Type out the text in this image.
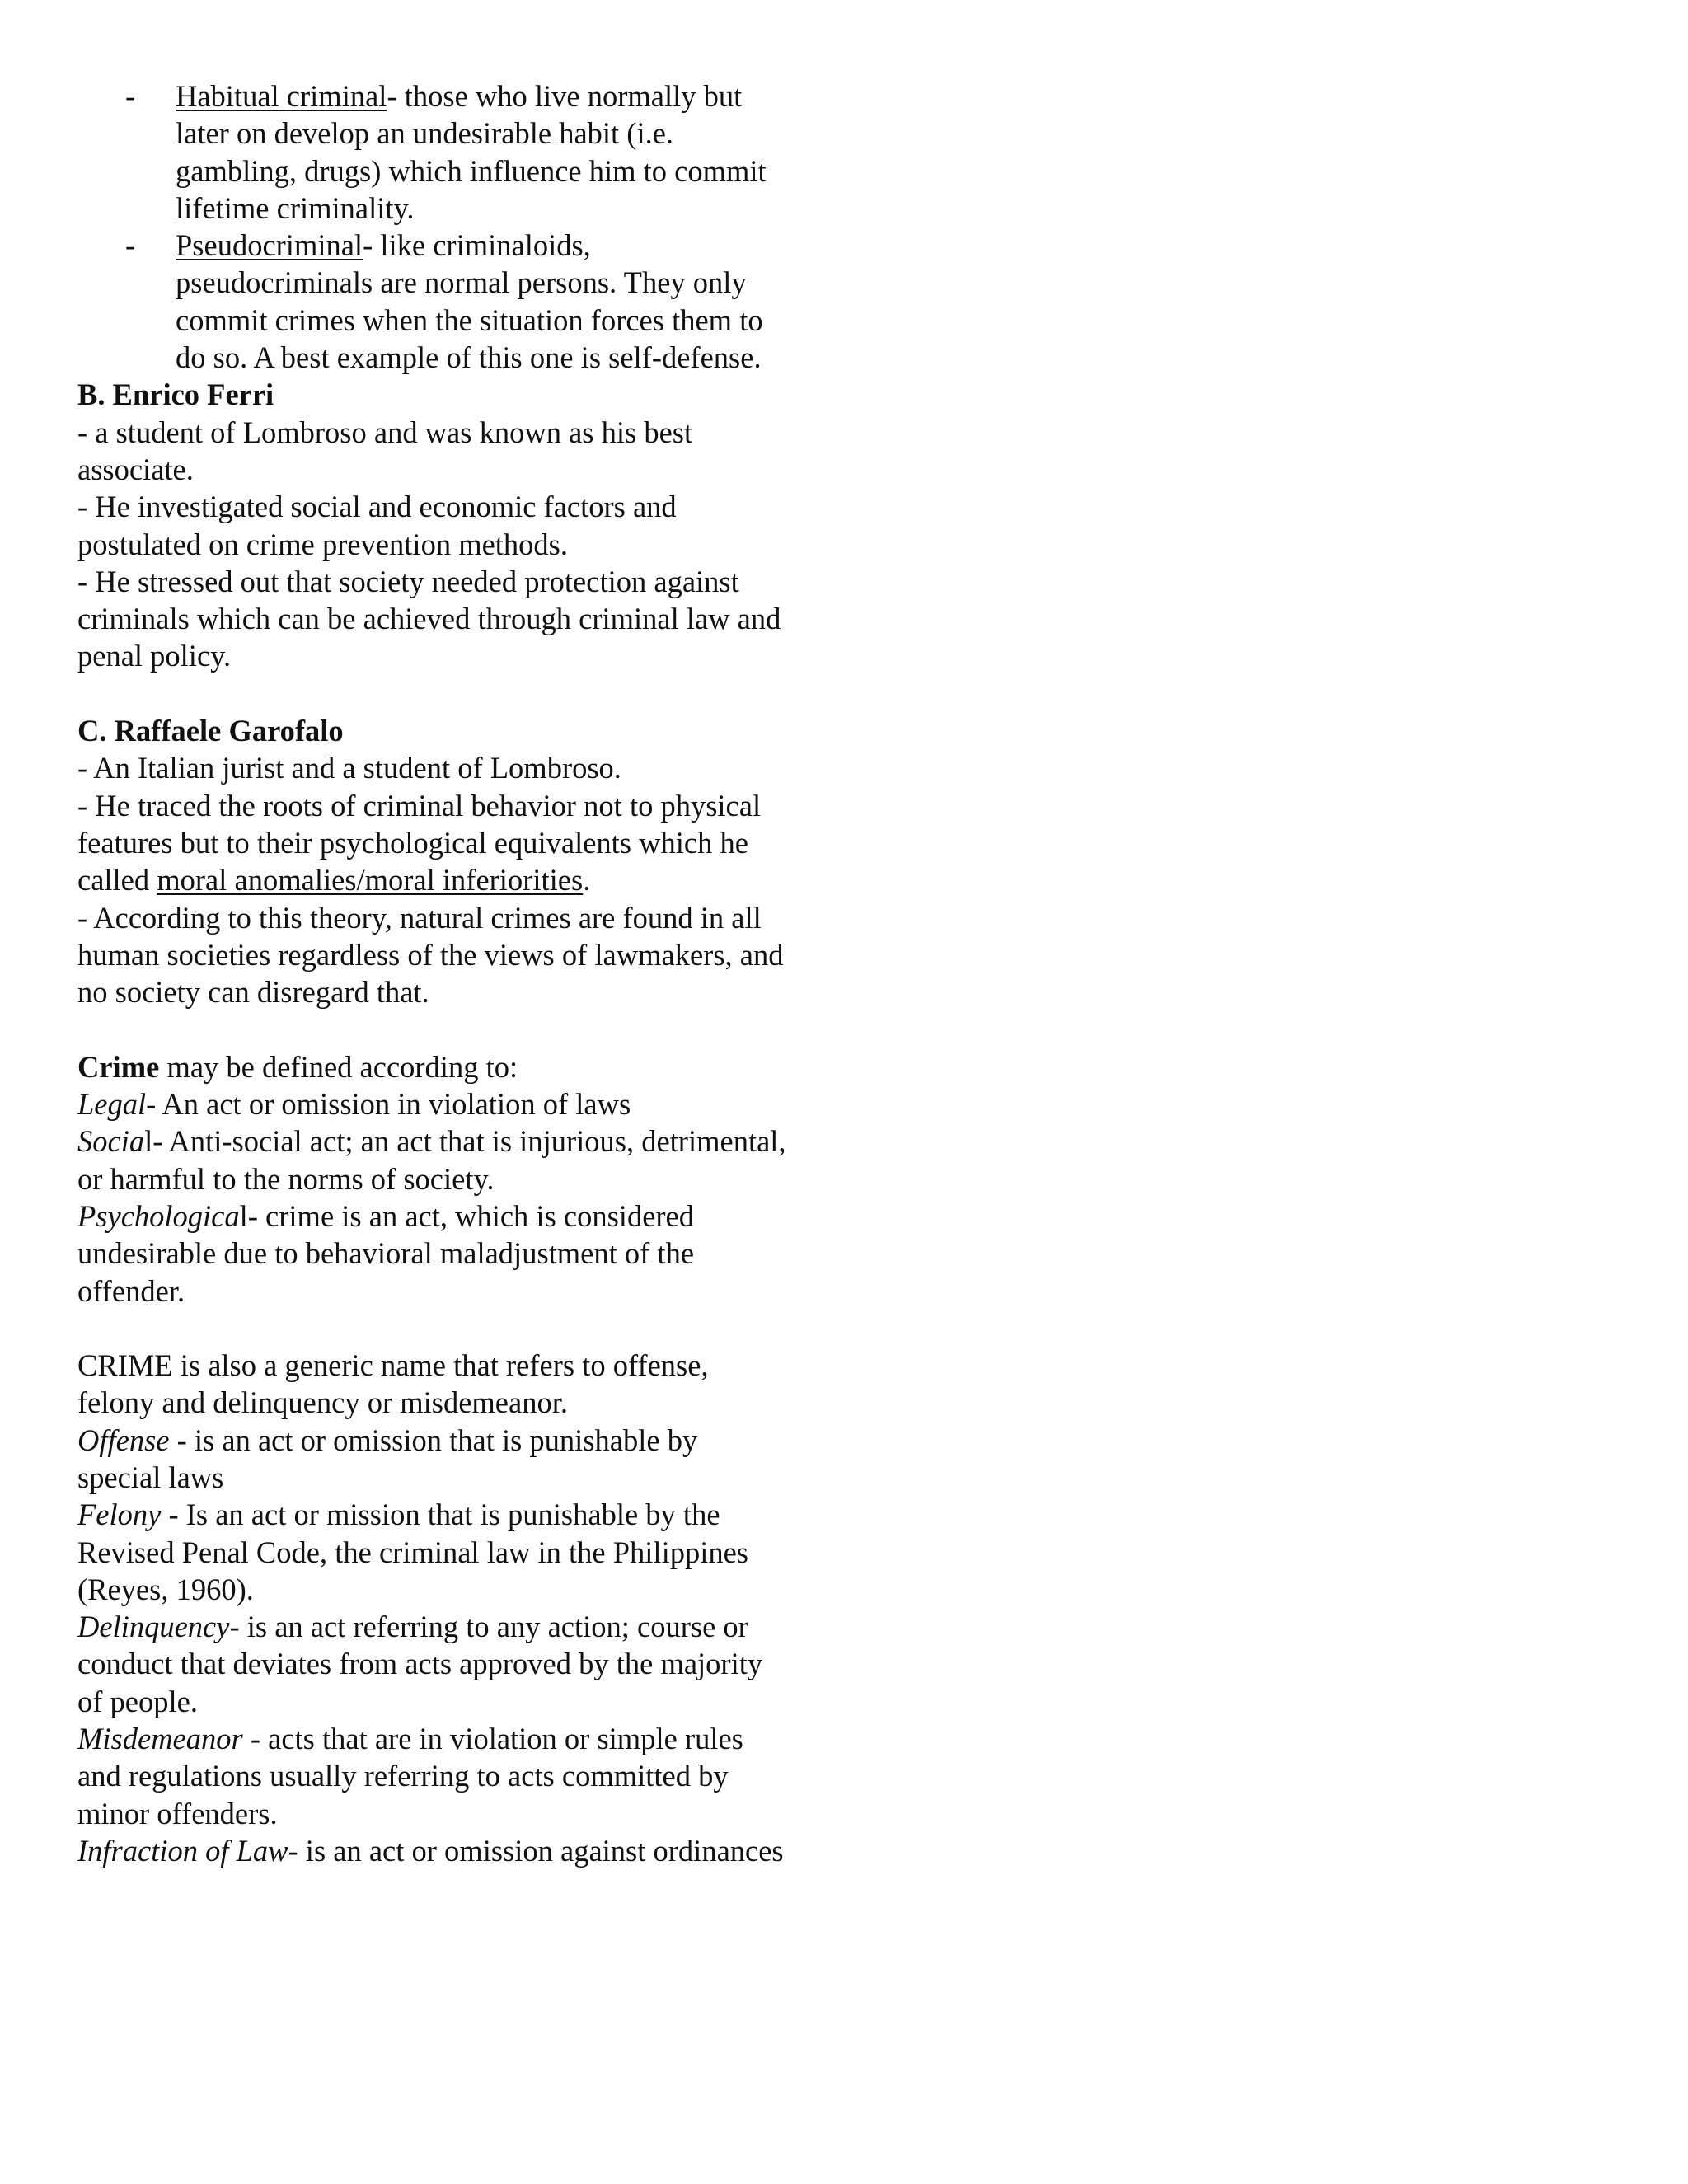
- Habitual criminal- those who live normally but
later on develop an undesirable habit (i.e.
gambling, drugs) which influence him to commit
lifetime criminality.
- Pseudocriminal- like criminaloids,
pseudocriminals are normal persons. They only
commit crimes when the situation forces them to
do so. A best example of this one is self-defense.
B. Enrico Ferri
- a student of Lombroso and was known as his best
associate.
- He investigated social and economic factors and
postulated on crime prevention methods.
- He stressed out that society needed protection against
criminals which can be achieved through criminal law and
penal policy.
C. Raffaele Garofalo
- An Italian jurist and a student of Lombroso.
- He traced the roots of criminal behavior not to physical
features but to their psychological equivalents which he
called moral anomalies/moral inferiorities.
- According to this theory, natural crimes are found in all
human societies regardless of the views of lawmakers, and
no society can disregard that.
Crime may be defined according to:
Legal- An act or omission in violation of laws
Social- Anti-social act; an act that is injurious, detrimental,
or harmful to the norms of society.
Psychological- crime is an act, which is considered
undesirable due to behavioral maladjustment of the
offender.
CRIME is also a generic name that refers to offense,
felony and delinquency or misdemeanor.
Offense - is an act or omission that is punishable by
special laws
Felony - Is an act or mission that is punishable by the
Revised Penal Code, the criminal law in the Philippines
(Reyes, 1960).
Delinquency- is an act referring to any action; course or
conduct that deviates from acts approved by the majority
of people.
Misdemeanor - acts that are in violation or simple rules
and regulations usually referring to acts committed by
minor offenders.
Infraction of Law- is an act or omission against ordinances
